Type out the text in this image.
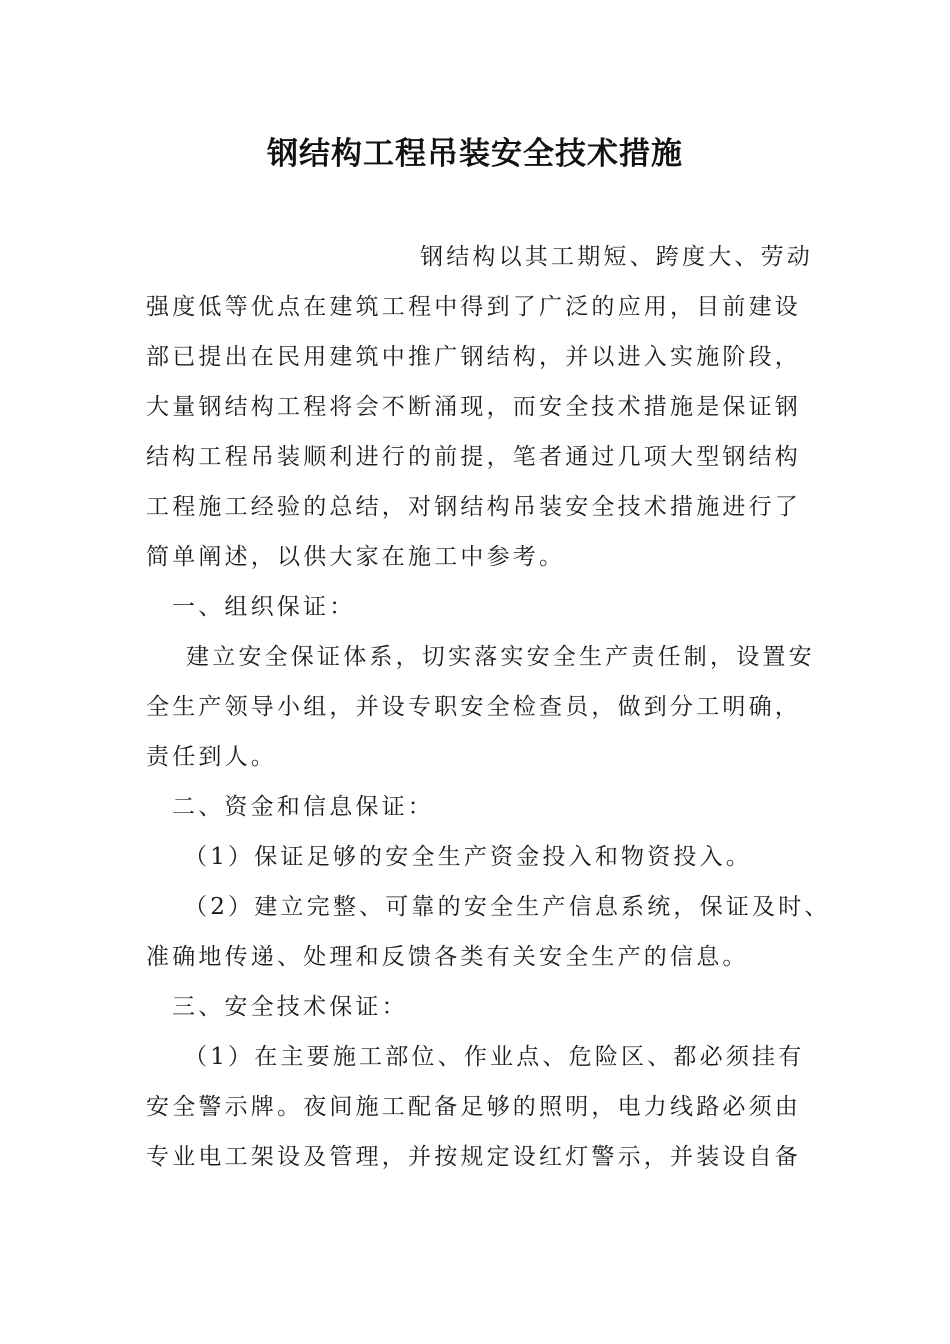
钢结构工程吊装安全技术措施
钢结构以其工期短、跨度大、劳动
强度低等优点在建筑工程中得到了广泛的应用，目前建设
部已提出在民用建筑中推广钢结构，并以进入实施阶段，
大量钢结构工程将会不断涌现，而安全技术措施是保证钢
结构工程吊装顺利进行的前提，笔者通过几项大型钢结构
工程施工经验的总结，对钢结构吊装安全技术措施进行了
简单阐述，以供大家在施工中参考。
一、组织保证：
建立安全保证体系，切实落实安全生产责任制，设置安
全生产领导小组，并设专职安全检查员，做到分工明确，
责任到人。
二、资金和信息保证：
（1）保证足够的安全生产资金投入和物资投入。
（2）建立完整、可靠的安全生产信息系统，保证及时、
准确地传递、处理和反馈各类有关安全生产的信息。
三、安全技术保证：
（1）在主要施工部位、作业点、危险区、都必须挂有
安全警示牌。夜间施工配备足够的照明，电力线路必须由
专业电工架设及管理，并按规定设红灯警示，并装设自备
